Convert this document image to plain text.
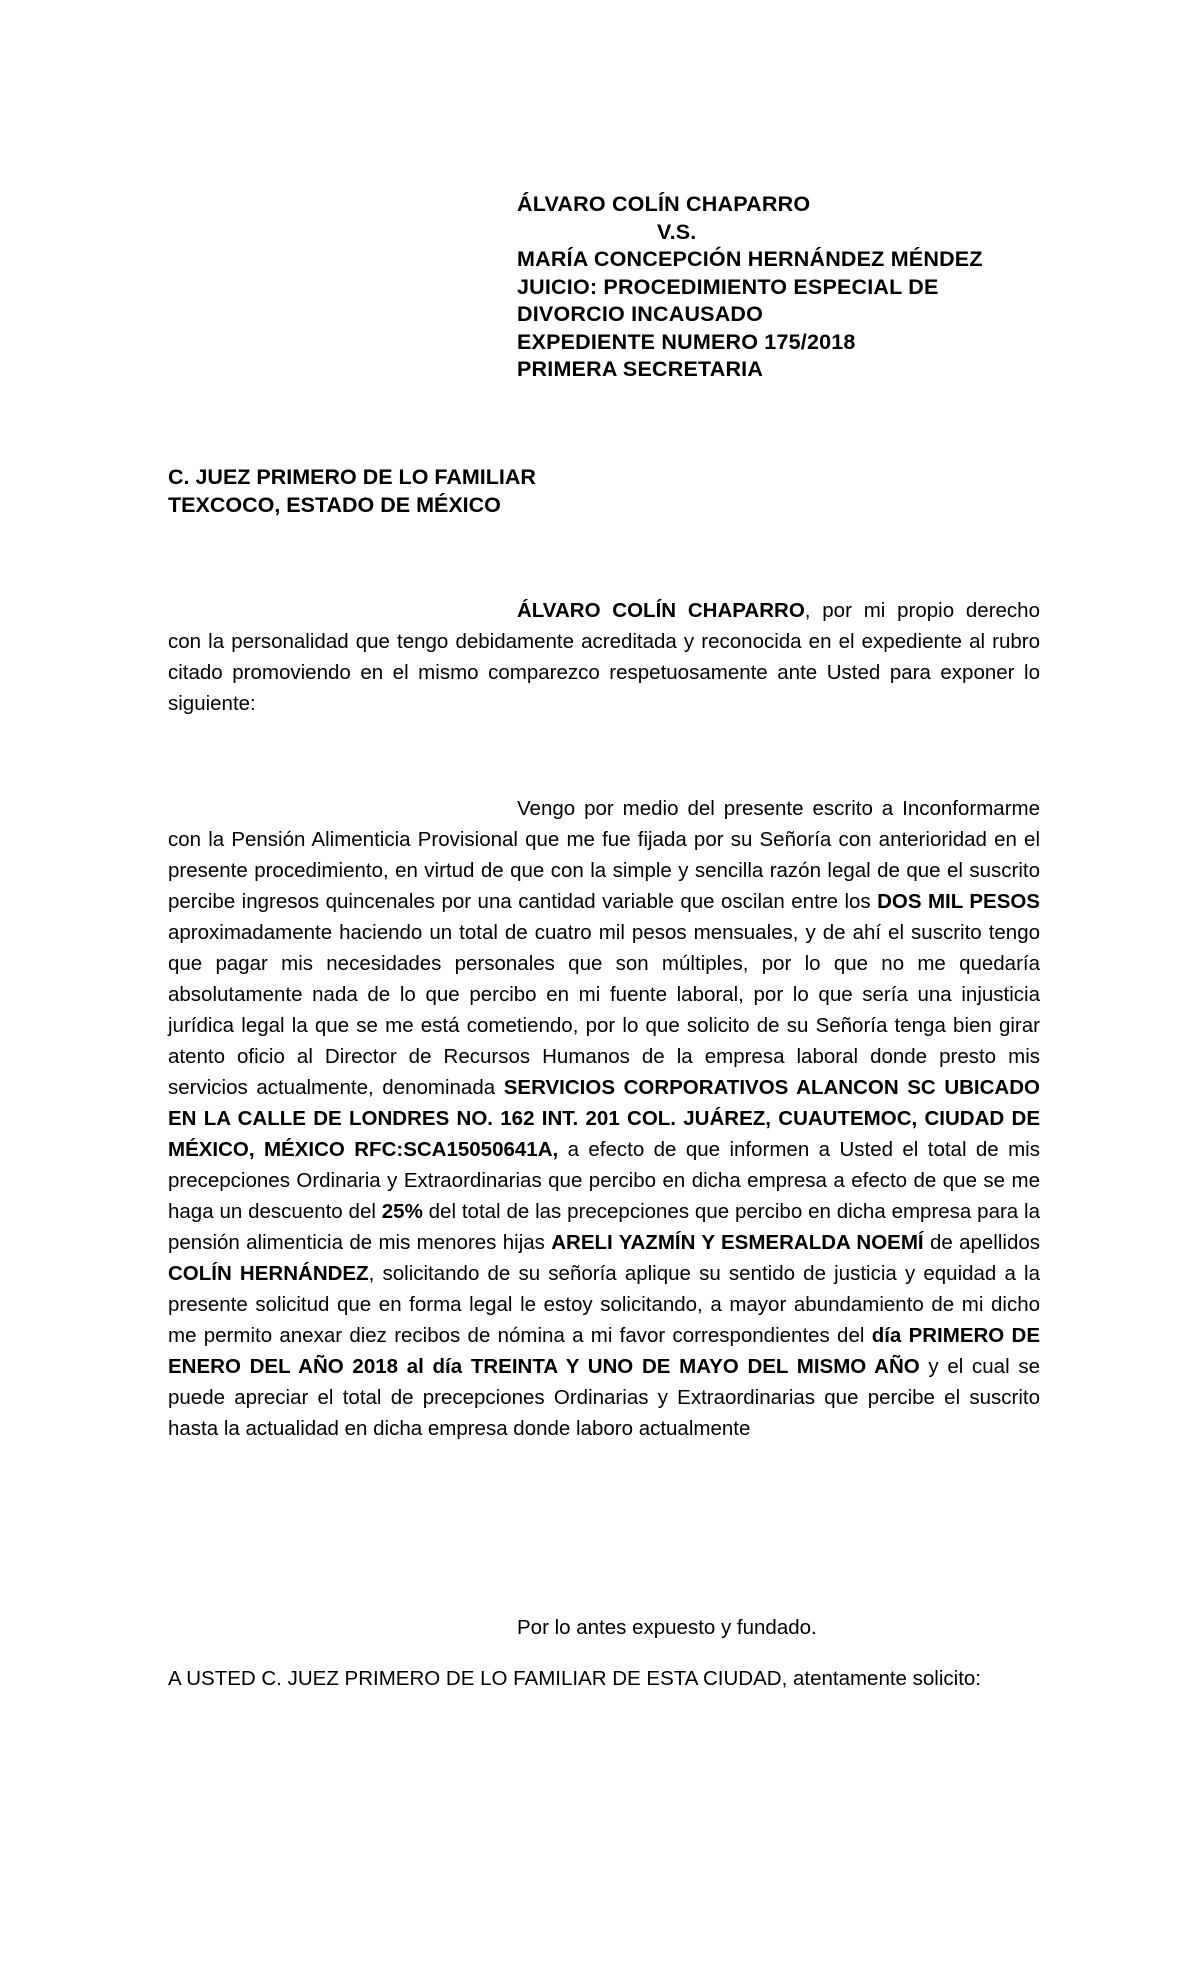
ÁLVARO COLÍN CHAPARRO
V.S.
MARÍA CONCEPCIÓN HERNÁNDEZ MÉNDEZ
JUICIO: PROCEDIMIENTO ESPECIAL DE
DIVORCIO INCAUSADO
EXPEDIENTE NUMERO 175/2018
PRIMERA SECRETARIA
C. JUEZ PRIMERO DE LO FAMILIAR
TEXCOCO, ESTADO DE MÉXICO
ÁLVARO COLÍN CHAPARRO, por mi propio derecho con la personalidad que tengo debidamente acreditada y reconocida en el expediente al rubro citado promoviendo en el mismo comparezco respetuosamente ante Usted para exponer lo siguiente:
Vengo por medio del presente escrito a Inconformarme con la Pensión Alimenticia Provisional que me fue fijada por su Señoría con anterioridad en el presente procedimiento, en virtud de que con la simple y sencilla razón legal de que el suscrito percibe ingresos quincenales por una cantidad variable que oscilan entre los DOS MIL PESOS aproximadamente haciendo un total de cuatro mil pesos mensuales, y de ahí el suscrito tengo que pagar mis necesidades personales que son múltiples, por lo que no me quedaría absolutamente nada de lo que percibo en mi fuente laboral, por lo que sería una injusticia jurídica legal la que se me está cometiendo, por lo que solicito de su Señoría tenga bien girar atento oficio al Director de Recursos Humanos de la empresa laboral donde presto mis servicios actualmente, denominada SERVICIOS CORPORATIVOS ALANCON SC UBICADO EN LA CALLE DE LONDRES NO. 162 INT. 201 COL. JUÁREZ, CUAUTEMOC, CIUDAD DE MÉXICO, MÉXICO RFC:SCA15050641A, a efecto de que informen a Usted el total de mis precepciones Ordinaria y Extraordinarias que percibo en dicha empresa a efecto de que se me haga un descuento del 25% del total de las precepciones que percibo en dicha empresa para la pensión alimenticia de mis menores hijas ARELI YAZMÍN Y ESMERALDA NOEMÍ de apellidos COLÍN HERNÁNDEZ, solicitando de su señoría aplique su sentido de justicia y equidad a la presente solicitud que en forma legal le estoy solicitando, a mayor abundamiento de mi dicho me permito anexar diez recibos de nómina a mi favor correspondientes del día PRIMERO DE ENERO DEL AÑO 2018 al día TREINTA Y UNO DE MAYO DEL MISMO AÑO y el cual se puede apreciar el total de precepciones Ordinarias y Extraordinarias que percibe el suscrito hasta la actualidad en dicha empresa donde laboro actualmente
Por lo antes expuesto y fundado.
A USTED C. JUEZ PRIMERO DE LO FAMILIAR DE ESTA CIUDAD, atentamente solicito:
